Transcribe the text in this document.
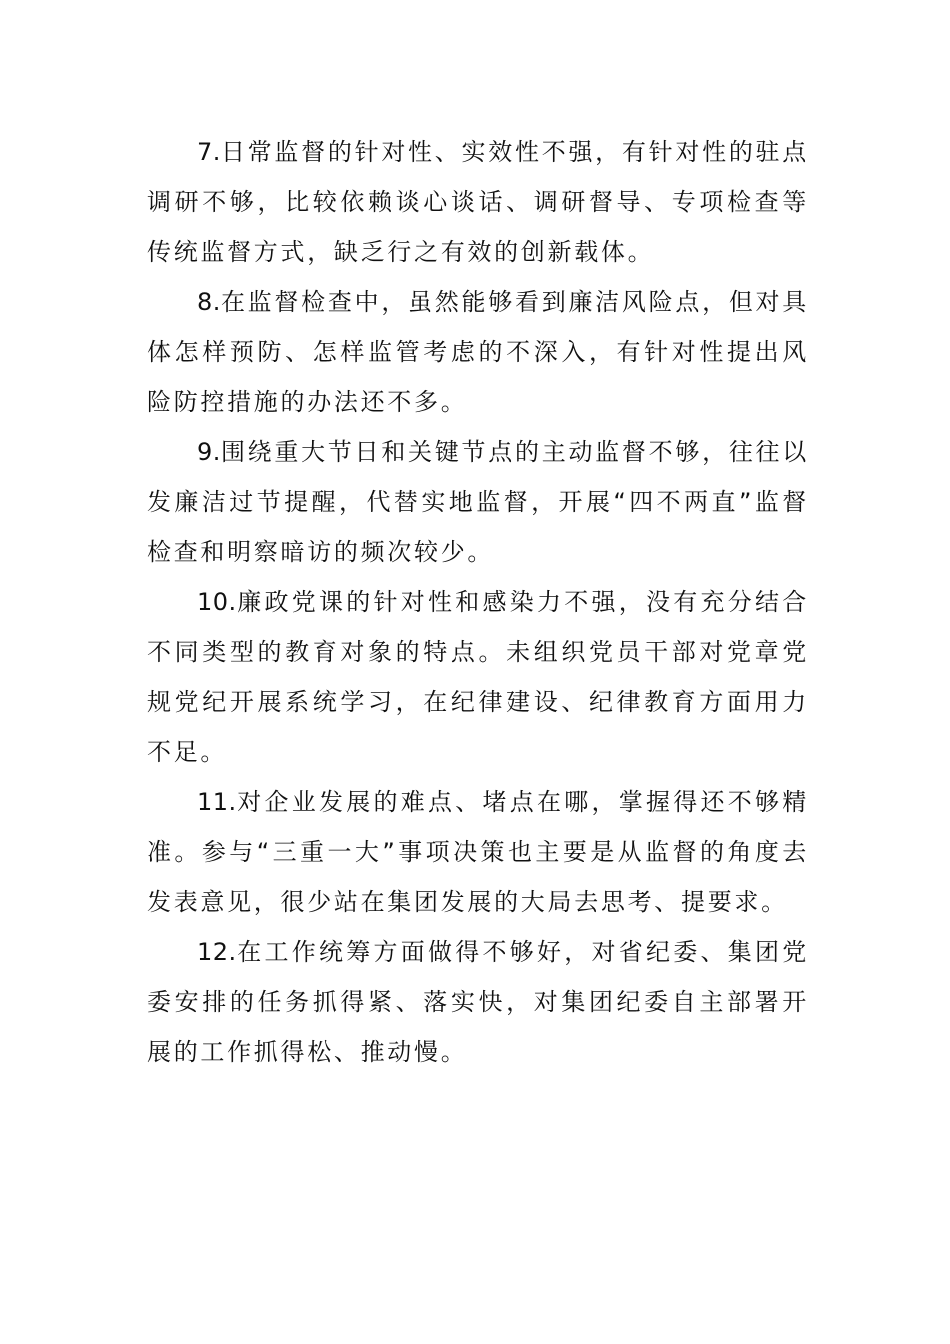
7.日常监督的针对性、实效性不强，有针对性的驻点调研不够，比较依赖谈心谈话、调研督导、专项检查等传统监督方式，缺乏行之有效的创新载体。

8.在监督检查中，虽然能够看到廉洁风险点，但对具体怎样预防、怎样监管考虑的不深入，有针对性提出风险防控措施的办法还不多。

9.围绕重大节日和关键节点的主动监督不够，往往以发廉洁过节提醒，代替实地监督，开展“四不两直”监督检查和明察暗访的频次较少。

10.廉政党课的针对性和感染力不强，没有充分结合不同类型的教育对象的特点。未组织党员干部对党章党规党纪开展系统学习，在纪律建设、纪律教育方面用力不足。

11.对企业发展的难点、堵点在哪，掌握得还不够精准。参与“三重一大”事项决策也主要是从监督的角度去发表意见，很少站在集团发展的大局去思考、提要求。

12.在工作统筹方面做得不够好，对省纪委、集团党委安排的任务抓得紧、落实快，对集团纪委自主部署开展的工作抓得松、推动慢。
